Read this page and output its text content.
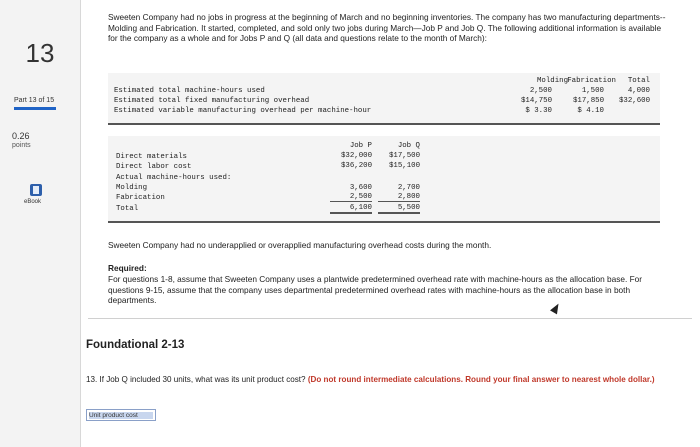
13
Part 13 of 15
0.26
points
eBook
Sweeten Company had no jobs in progress at the beginning of March and no beginning inventories. The company has two manufacturing departments--Molding and Fabrication. It started, completed, and sold only two jobs during March—Job P and Job Q. The following additional information is available for the company as a whole and for Jobs P and Q (all data and questions relate to the month of March):
Molding Fabrication Total
Estimated total machine-hours used	2,500	1,500	4,000
Estimated total fixed manufacturing overhead	$14,750	$17,850 $32,600
Estimated variable manufacturing overhead per machine-hour	$ 3.30	$ 4.10
Job P	Job Q
Direct materials	$32,000	$17,500
Direct labor cost	$36,200	$15,100
Actual machine-hours used:
Molding	3,600	2,700
Fabrication	2,500	2,800
Total	6,100	5,500
Sweeten Company had no underapplied or overapplied manufacturing overhead costs during the month.
Required:
For questions 1-8, assume that Sweeten Company uses a plantwide predetermined overhead rate with machine-hours as the allocation base. For questions 9-15, assume that the company uses departmental predetermined overhead rates with machine-hours as the allocation base in both departments.
Foundational 2-13
13. If Job Q included 30 units, what was its unit product cost? (Do not round intermediate calculations. Round your final answer to nearest whole dollar.)
Unit product cost
